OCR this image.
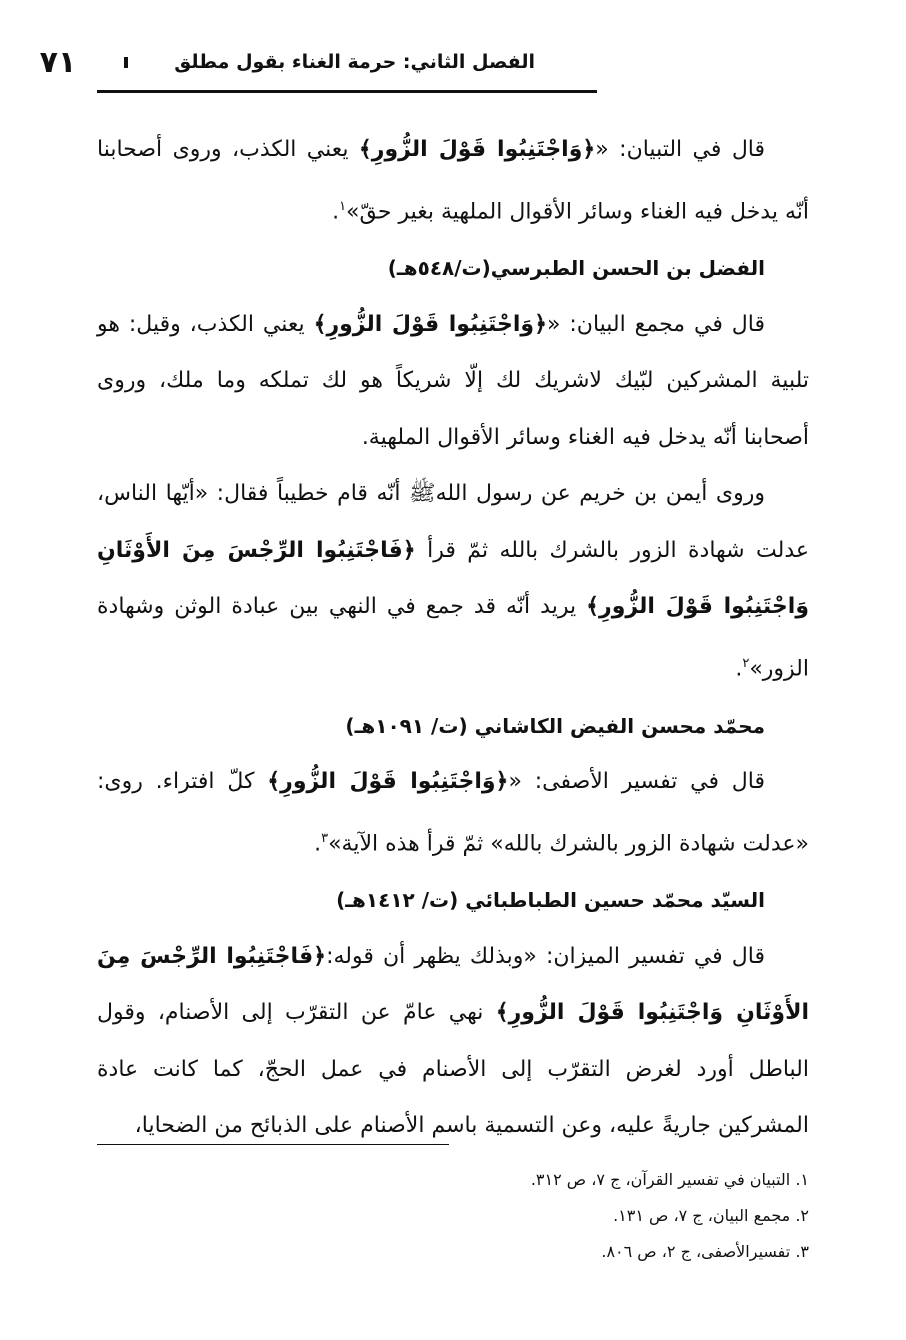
الفصل الثاني: حرمة الغناء بقول مطلق
٧١

قال في التبيان: «﴿وَاجْتَنِبُوا قَوْلَ الزُّورِ﴾ يعني الكذب، وروى أصحابنا أنّه يدخل فيه الغناء وسائر الأقوال الملهية بغير حقّ»$^١$.

الفضل بن الحسن الطبرسي(ت/٥٤٨هـ)

قال في مجمع البيان: «﴿وَاجْتَنِبُوا قَوْلَ الزُّورِ﴾ يعني الكذب، وقيل: هو تلبية المشركين لبّيك لاشريك لك إلّا شريكاً هو لك تملكه وما ملك، وروى أصحابنا أنّه يدخل فيه الغناء وسائر الأقوال الملهية.

وروى أيمن بن خريم عن رسول اللهﷺ أنّه قام خطيباً فقال: «أيّها الناس، عدلت شهادة الزور بالشرك بالله ثمّ قرأ ﴿فَاجْتَنِبُوا الرِّجْسَ مِنَ الأَوْثَانِ وَاجْتَنِبُوا قَوْلَ الزُّورِ﴾ يريد أنّه قد جمع في النهي بين عبادة الوثن وشهادة الزور»$^٢$.

محمّد محسن الفيض الكاشاني (ت/ ١٠٩١هـ)

قال في تفسير الأصفى: «﴿وَاجْتَنِبُوا قَوْلَ الزُّورِ﴾ كلّ افتراء. روى: «عدلت شهادة الزور بالشرك بالله» ثمّ قرأ هذه الآية»$^٣$.

السيّد محمّد حسين الطباطبائي (ت/ ١٤١٢هـ)

قال في تفسير الميزان: «وبذلك يظهر أن قوله:﴿فَاجْتَنِبُوا الرِّجْسَ مِنَ الأَوْثَانِ وَاجْتَنِبُوا قَوْلَ الزُّورِ﴾ نهي عامّ عن التقرّب إلى الأصنام، وقول الباطل أورد لغرض التقرّب إلى الأصنام في عمل الحجّ، كما كانت عادة المشركين جاريةً عليه، وعن التسمية باسم الأصنام على الذبائح من الضحايا،

١. التبيان في تفسير القرآن، ج ٧، ص ٣١٢.

٢. مجمع البيان، ج ٧، ص ١٣١.

٣. تفسيرالأصفى، ج ٢، ص ٨٠٦.
